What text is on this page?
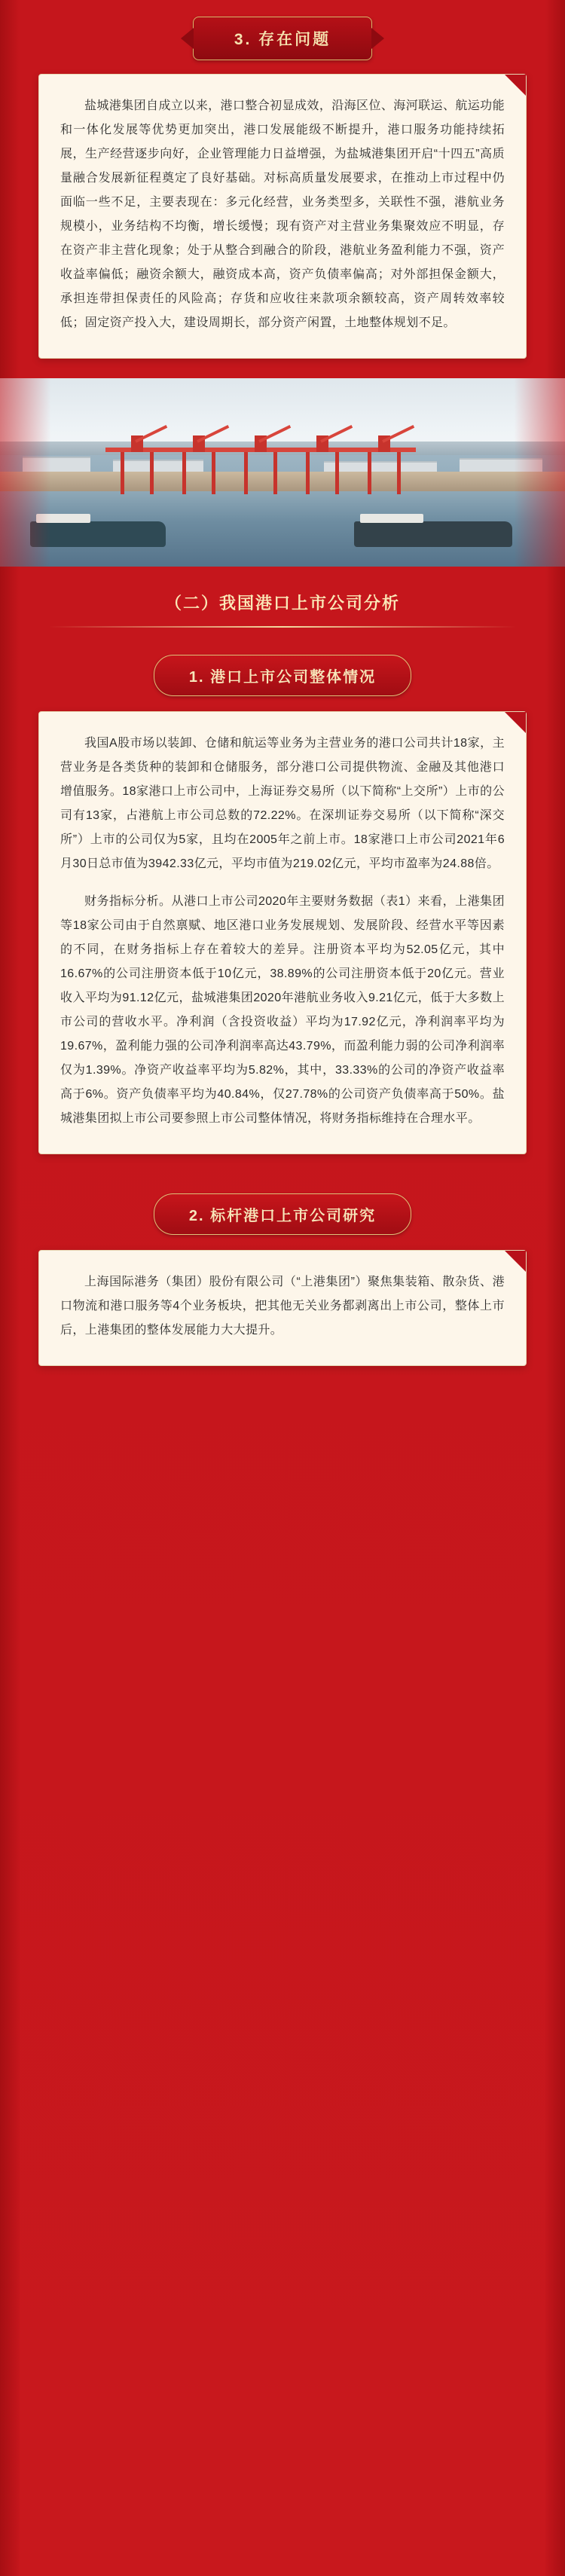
3. 存在问题

盐城港集团自成立以来，港口整合初显成效，沿海区位、海河联运、航运功能和一体化发展等优势更加突出，港口发展能级不断提升，港口服务功能持续拓展，生产经营逐步向好，企业管理能力日益增强，为盐城港集团开启“十四五”高质量融合发展新征程奠定了良好基础。对标高质量发展要求，在推动上市过程中仍面临一些不足，主要表现在：多元化经营，业务类型多，关联性不强，港航业务规模小，业务结构不均衡，增长缓慢；现有资产对主营业务集聚效应不明显，存在资产非主营化现象；处于从整合到融合的阶段，港航业务盈利能力不强，资产收益率偏低；融资余额大，融资成本高，资产负债率偏高；对外部担保金额大，承担连带担保责任的风险高；存货和应收往来款项余额较高，资产周转效率较低；固定资产投入大，建设周期长，部分资产闲置，土地整体规划不足。

（二）我国港口上市公司分析
1. 港口上市公司整体情况

我国A股市场以装卸、仓储和航运等业务为主营业务的港口公司共计18家，主营业务是各类货种的装卸和仓储服务，部分港口公司提供物流、金融及其他港口增值服务。18家港口上市公司中，上海证券交易所（以下简称“上交所”）上市的公司有13家，占港航上市公司总数的72.22%。在深圳证券交易所（以下简称“深交所”）上市的公司仅为5家，且均在2005年之前上市。18家港口上市公司2021年6月30日总市值为3942.33亿元，平均市值为219.02亿元，平均市盈率为24.88倍。

财务指标分析。从港口上市公司2020年主要财务数据（表1）来看，上港集团等18家公司由于自然禀赋、地区港口业务发展规划、发展阶段、经营水平等因素的不同，在财务指标上存在着较大的差异。注册资本平均为52.05亿元，其中16.67%的公司注册资本低于10亿元，38.89%的公司注册资本低于20亿元。营业收入平均为91.12亿元，盐城港集团2020年港航业务收入9.21亿元，低于大多数上市公司的营收水平。净利润（含投资收益）平均为17.92亿元，净利润率平均为19.67%，盈利能力强的公司净利润率高达43.79%，而盈利能力弱的公司净利润率仅为1.39%。净资产收益率平均为5.82%，其中，33.33%的公司的净资产收益率高于6%。资产负债率平均为40.84%，仅27.78%的公司资产负债率高于50%。盐城港集团拟上市公司要参照上市公司整体情况，将财务指标维持在合理水平。

2. 标杆港口上市公司研究

上海国际港务（集团）股份有限公司（“上港集团”）聚焦集装箱、散杂货、港口物流和港口服务等4个业务板块，把其他无关业务都剥离出上市公司，整体上市后，上港集团的整体发展能力大大提升。
